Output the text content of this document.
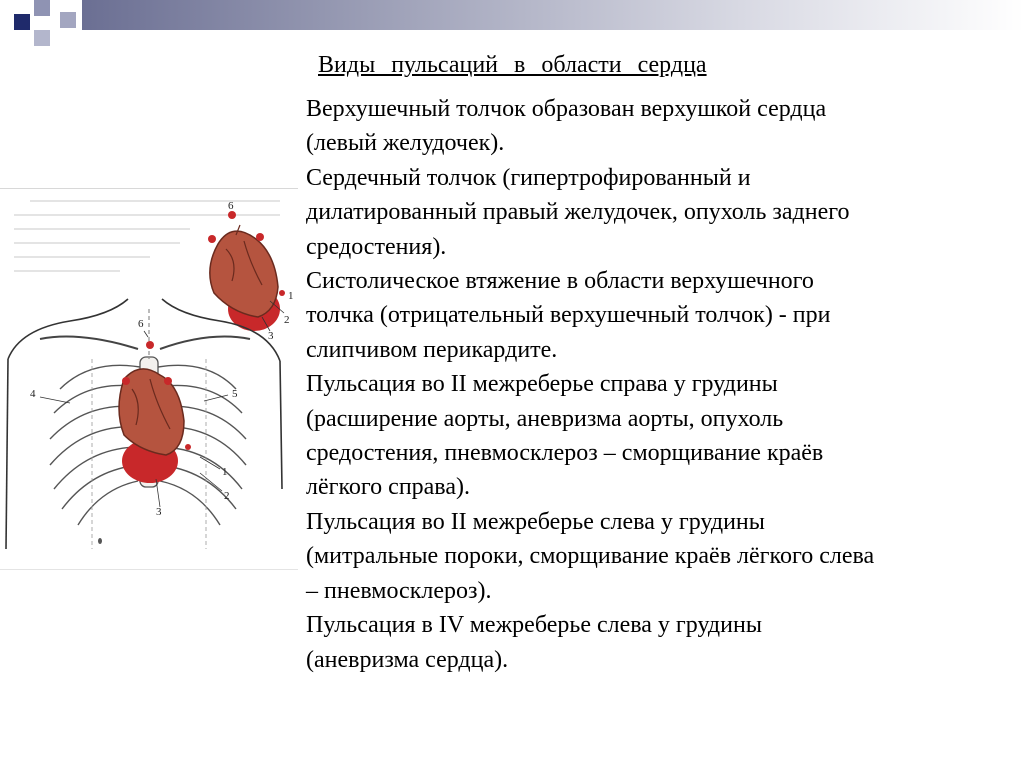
Виды пульсаций в области сердца
Верхушечный толчок образован верхушкой сердца
(левый желудочек).
Сердечный толчок (гипертрофированный и
дилатированный правый желудочек, опухоль заднего
средостения).
Систолическое втяжение в области верхушечного
толчка (отрицательный верхушечный толчок) - при
слипчивом перикардите.
Пульсация во II межреберье справа у грудины
(расширение аорты, аневризма аорты, опухоль
средостения, пневмосклероз – сморщивание краёв
лёгкого справа).
Пульсация во II межреберье слева у грудины
(митральные пороки, сморщивание краёв лёгкого слева
– пневмосклероз).
Пульсация в IV межреберье слева у грудины
(аневризма сердца).
6
1
2
3
6
4	5
1
2
3
